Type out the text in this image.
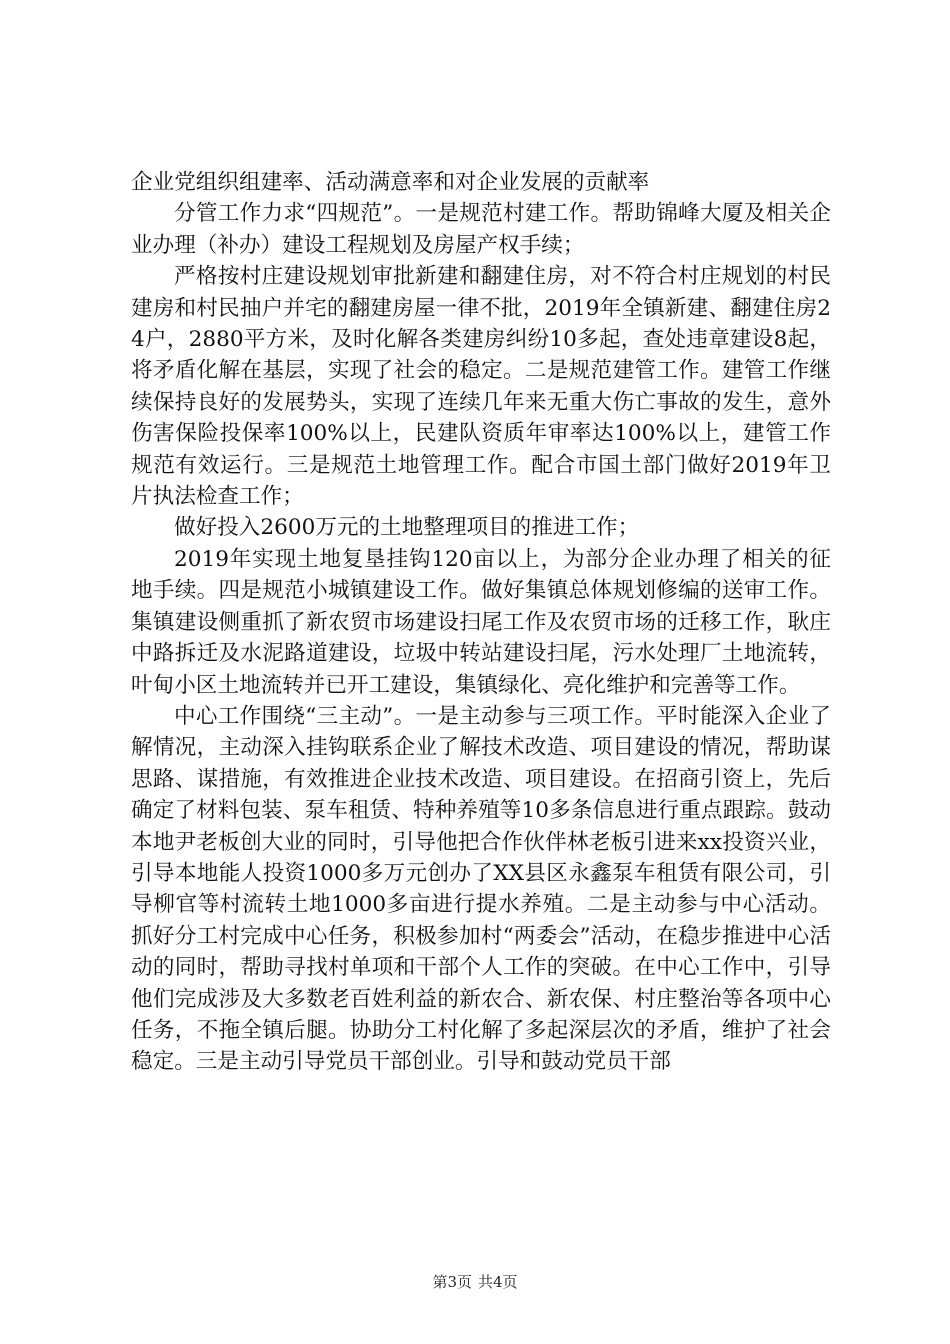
企业党组织组建率、活动满意率和对企业发展的贡献率

分管工作力求“四规范”。一是规范村建工作。帮助锦峰大厦及相关企业办理（补办）建设工程规划及房屋产权手续；

严格按村庄建设规划审批新建和翻建住房，对不符合村庄规划的村民建房和村民抽户并宅的翻建房屋一律不批，2019年全镇新建、翻建住房24户，2880平方米，及时化解各类建房纠纷10多起，查处违章建设8起，将矛盾化解在基层，实现了社会的稳定。二是规范建管工作。建管工作继续保持良好的发展势头，实现了连续几年来无重大伤亡事故的发生，意外伤害保险投保率100%以上，民建队资质年审率达100%以上，建管工作规范有效运行。三是规范土地管理工作。配合市国土部门做好2019年卫片执法检查工作；

做好投入2600万元的土地整理项目的推进工作；

2019年实现土地复垦挂钩120亩以上，为部分企业办理了相关的征地手续。四是规范小城镇建设工作。做好集镇总体规划修编的送审工作。集镇建设侧重抓了新农贸市场建设扫尾工作及农贸市场的迁移工作，耿庄中路拆迁及水泥路道建设，垃圾中转站建设扫尾，污水处理厂土地流转，叶甸小区土地流转并已开工建设，集镇绿化、亮化维护和完善等工作。

中心工作围绕“三主动”。一是主动参与三项工作。平时能深入企业了解情况，主动深入挂钩联系企业了解技术改造、项目建设的情况，帮助谋思路、谋措施，有效推进企业技术改造、项目建设。在招商引资上，先后确定了材料包装、泵车租赁、特种养殖等10多条信息进行重点跟踪。鼓动本地尹老板创大业的同时，引导他把合作伙伴林老板引进来xx投资兴业，引导本地能人投资1000多万元创办了XX县区永鑫泵车租赁有限公司，引导柳官等村流转土地1000多亩进行提水养殖。二是主动参与中心活动。抓好分工村完成中心任务，积极参加村“两委会”活动，在稳步推进中心活动的同时，帮助寻找村单项和干部个人工作的突破。在中心工作中，引导他们完成涉及大多数老百姓利益的新农合、新农保、村庄整治等各项中心任务，不拖全镇后腿。协助分工村化解了多起深层次的矛盾，维护了社会稳定。三是主动引导党员干部创业。引导和鼓动党员干部

第3页 共4页
